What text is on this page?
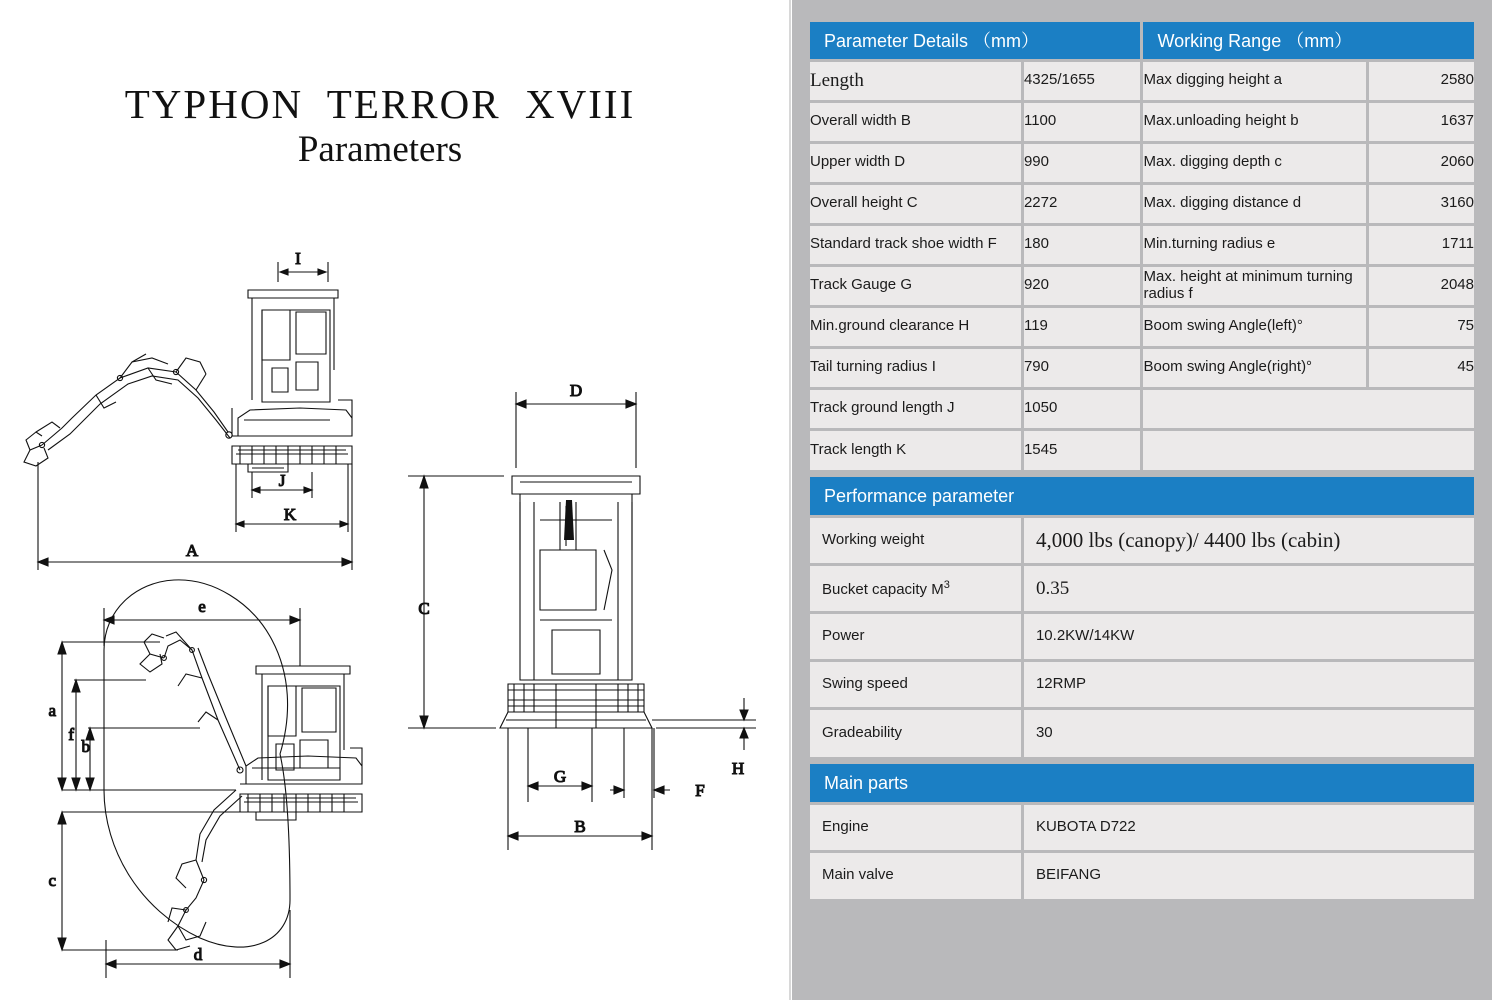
TYPHON  TERROR  XVIII
Parameters
I
J
K
A
D
C
G
B
F
H
e
a
f
b
c
d
Parameter Details （mm）		Working Range （mm）	
Length	4325/1655	Max digging height a	2580
Overall width B	1100	Max.unloading height b	1637
Upper width D	990	Max. digging depth c	2060
Overall height C	2272	Max. digging distance d	3160
Standard track shoe width F	180	Min.turning radius e	1711
Track Gauge G	920	Max. height at minimum turning radius f	2048
Min.ground clearance H	119	Boom swing Angle(left)°	75
Tail turning radius I	790	Boom swing Angle(right)°	45
Track ground length J	1050		
Track length K	1545		
Performance parameter
Working weight	4,000 lbs (canopy)/ 4400 lbs (cabin)
Bucket capacity $M^3$	0.35
Power	10.2KW/14KW
Swing speed	12RMP
Gradeability	30
Main parts
Engine	KUBOTA D722
Main valve	BEIFANG
